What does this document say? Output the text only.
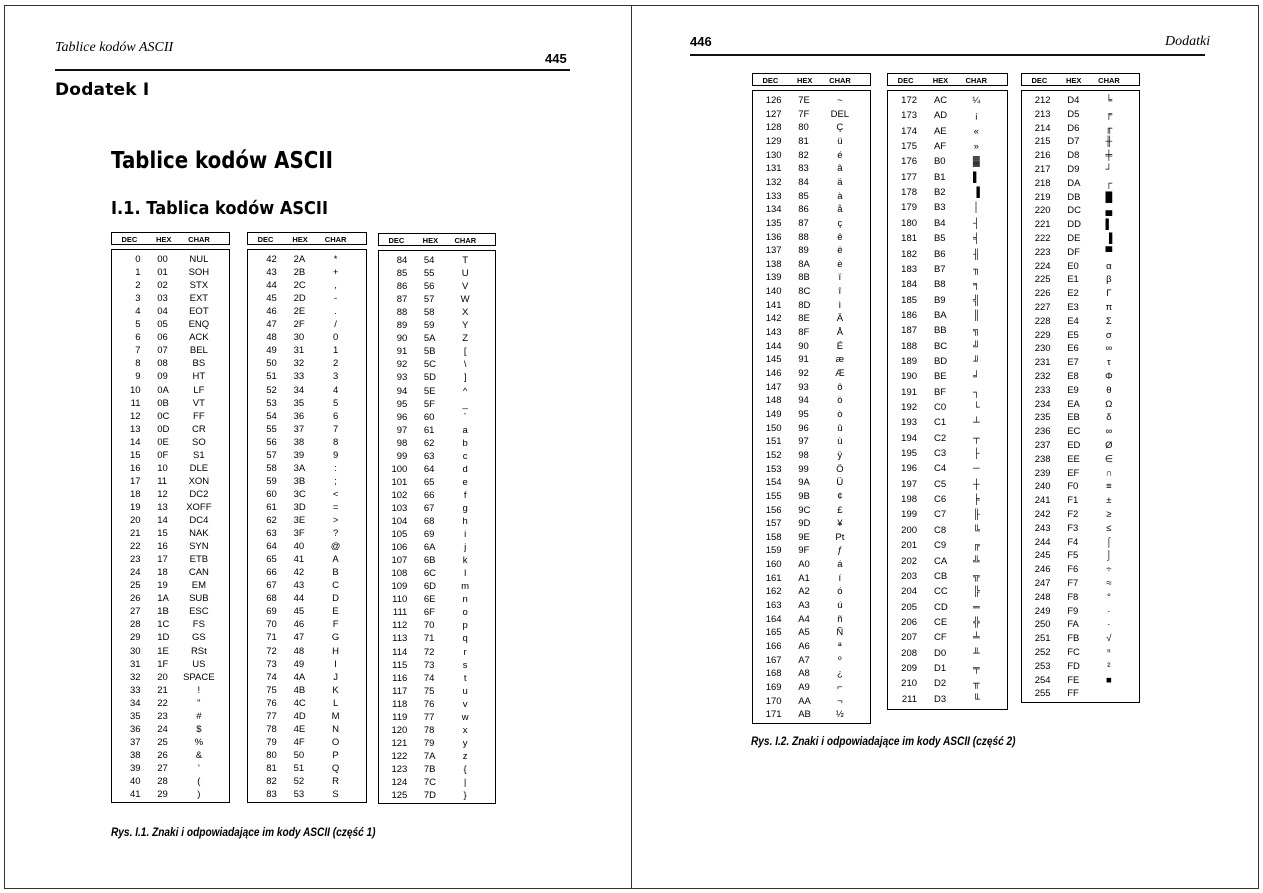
Tablice kodów ASCII
445
Dodatek I
Tablice kodów ASCII
I.1. Tablica kodów ASCII
Rys. I.1. Znaki i odpowiadające im kody ASCII (część 1)
DEC HEX CHAR
0 00	NUL
1 01	SOH
2 02	STX
3 03	EXT
4 04	EOT
5 05	ENQ
6 06	ACK
7 07	BEL
8 08	BS
9 09	HT
10 0A	LF
11 0B	VT
12 0C	FF
13 0D	CR
14 0E	SO
15 0F	S1
16 10	DLE
17 11	XON
18 12	DC2
19 13	XOFF
20 14	DC4
21 15	NAK
22 16	SYN
23 17	ETB
24 18	CAN
25 19	EM
26 1A	SUB
27 1B	ESC
28 1C	FS
29 1D	GS
30 1E	RSt
31 1F	US
32 20 SPACE
33 21	!
34 22	"
35 23	#
36 24	$
37 25	%
38 26	&
39 27	'
40 28	(
41 29	)
DEC	HEX CHAR
42 2A	*
43 2B	+
44 2C	,
45 2D	-
46 2E	.
47 2F	/
48 30	0
49 31	1
50 32	2
51 33	3
52 34	4
53 35	5
54 36	6
55 37	7
56 38	8
57 39	9
58 3A	:
59 3B	;
60 3C	<
61 3D	=
62 3E	>
63 3F	?
64 40	@
65 41	A
66 42	B
67 43	C
68 44	D
69 45	E
70 46	F
71 47	G
72 48	H
73 49	I
74 4A	J
75 4B	K
76 4C	L
77 4D	M
78 4E	N
79 4F	O
80 50	P
81 51	Q
82 52	R
83 53	S
DEC HEX CHAR
84 54	T
85 55	U
86 56	V
87 57	W
88 58	X
89 59	Y
90 5A	Z
91 5B	[
92 5C	\
93 5D	]
94 5E	^
95 5F	_
96 60	`
97 61	a
98 62	b
99 63	c
100 64	d
101 65	e
102 66	f
103 67	g
104 68	h
105 69	i
106 6A	j
107 6B	k
108 6C	l
109 6D	m
110 6E	n
111 6F	o
112 70	p
113 71	q
114 72	r
115 73	s
116 74	t
117 75	u
118 76	v
119 77	w
120 78	x
121 79	y
122 7A	z
123 7B	{
124 7C	|
125 7D	}
446	Dodatki
Rys. I.2. Znaki i odpowiadające im kody ASCII (część 2)
DEC HEX CHAR
126 7E	~
127 7F	DEL
128 80	Ç
129 81	ü
130 82	é
131 83	â
132 84	ä
133 85	à
134 86	å
135 87	ç
136 88	ê
137 89	ë
138 8A	è
139 8B	ï
140 8C	î
141 8D	ì
142 8E	Ä
143 8F	Å
144 90	É
145 91	æ
146 92	Æ
147 93	ô
148 94	ö
149 95	ò
150 96	û
151 97	ù
152 98	ÿ
153 99	Ö
154 9A	Ü
155 9B	¢
156 9C	£
157 9D	¥
158 9E	Pt
159 9F	ƒ
160 A0	á
161 A1	í
162 A2	ó
163 A3	ú
164 A4	ñ
165 A5	Ñ
166 A6	ª
167 A7	º
168 A8	¿
169 A9	⌐
170 AA	¬
171 AB	½
DEC	HEX CHAR
172 AC	¼
173 AD	¡
174 AE	«
175 AF	»
176 B0	▓
177 B1	▌
178 B2	▐
179 B3	│
180 B4	┤
181 B5	╡
182 B6	╢
183 B7	╖
184 B8	╕
185 B9	╣
186 BA	║
187 BB	╗
188 BC	╝
189 BD	╜
190 BE	╛
191 BF	┐
192 C0	└
193 C1	┴
194 C2	┬
195 C3	├
196 C4	─
197 C5	┼
198 C6	╞
199 C7	╟
200 C8	╚
201 C9	╔
202 CA	╩
203 CB	╦
204 CC	╠
205 CD	═
206 CE	╬
207 CF	╧
208 D0	╨
209 D1	╤
210 D2	╥
211 D3	╙
DEC HEX CHAR
212 D4	╘
213 D5	╒
214 D6	╓
215 D7	╫
216 D8	╪
217 D9	┘
218 DA	┌
219 DB	█
220 DC	▄
221 DD	▌
222 DE	▐
223 DF	▀
224 E0	α
225 E1	β
226 E2	Γ
227 E3	π
228 E4	Σ
229 E5	σ
230 E6	∞
231 E7	τ
232 E8	Φ
233 E9	θ
234 EA	Ω
235 EB	δ
236 EC	∞
237 ED	Ø
238 EE	∈
239 EF	∩
240 F0	≡
241 F1	±
242 F2	≥
243 F3	≤
244 F4	⌠
245 F5	⌡
246 F6	÷
247 F7	≈
248 F8	°
249 F9	·
250 FA	·
251 FB	√
252 FC	ⁿ
253 FD	²
254 FE	■
255 FF
